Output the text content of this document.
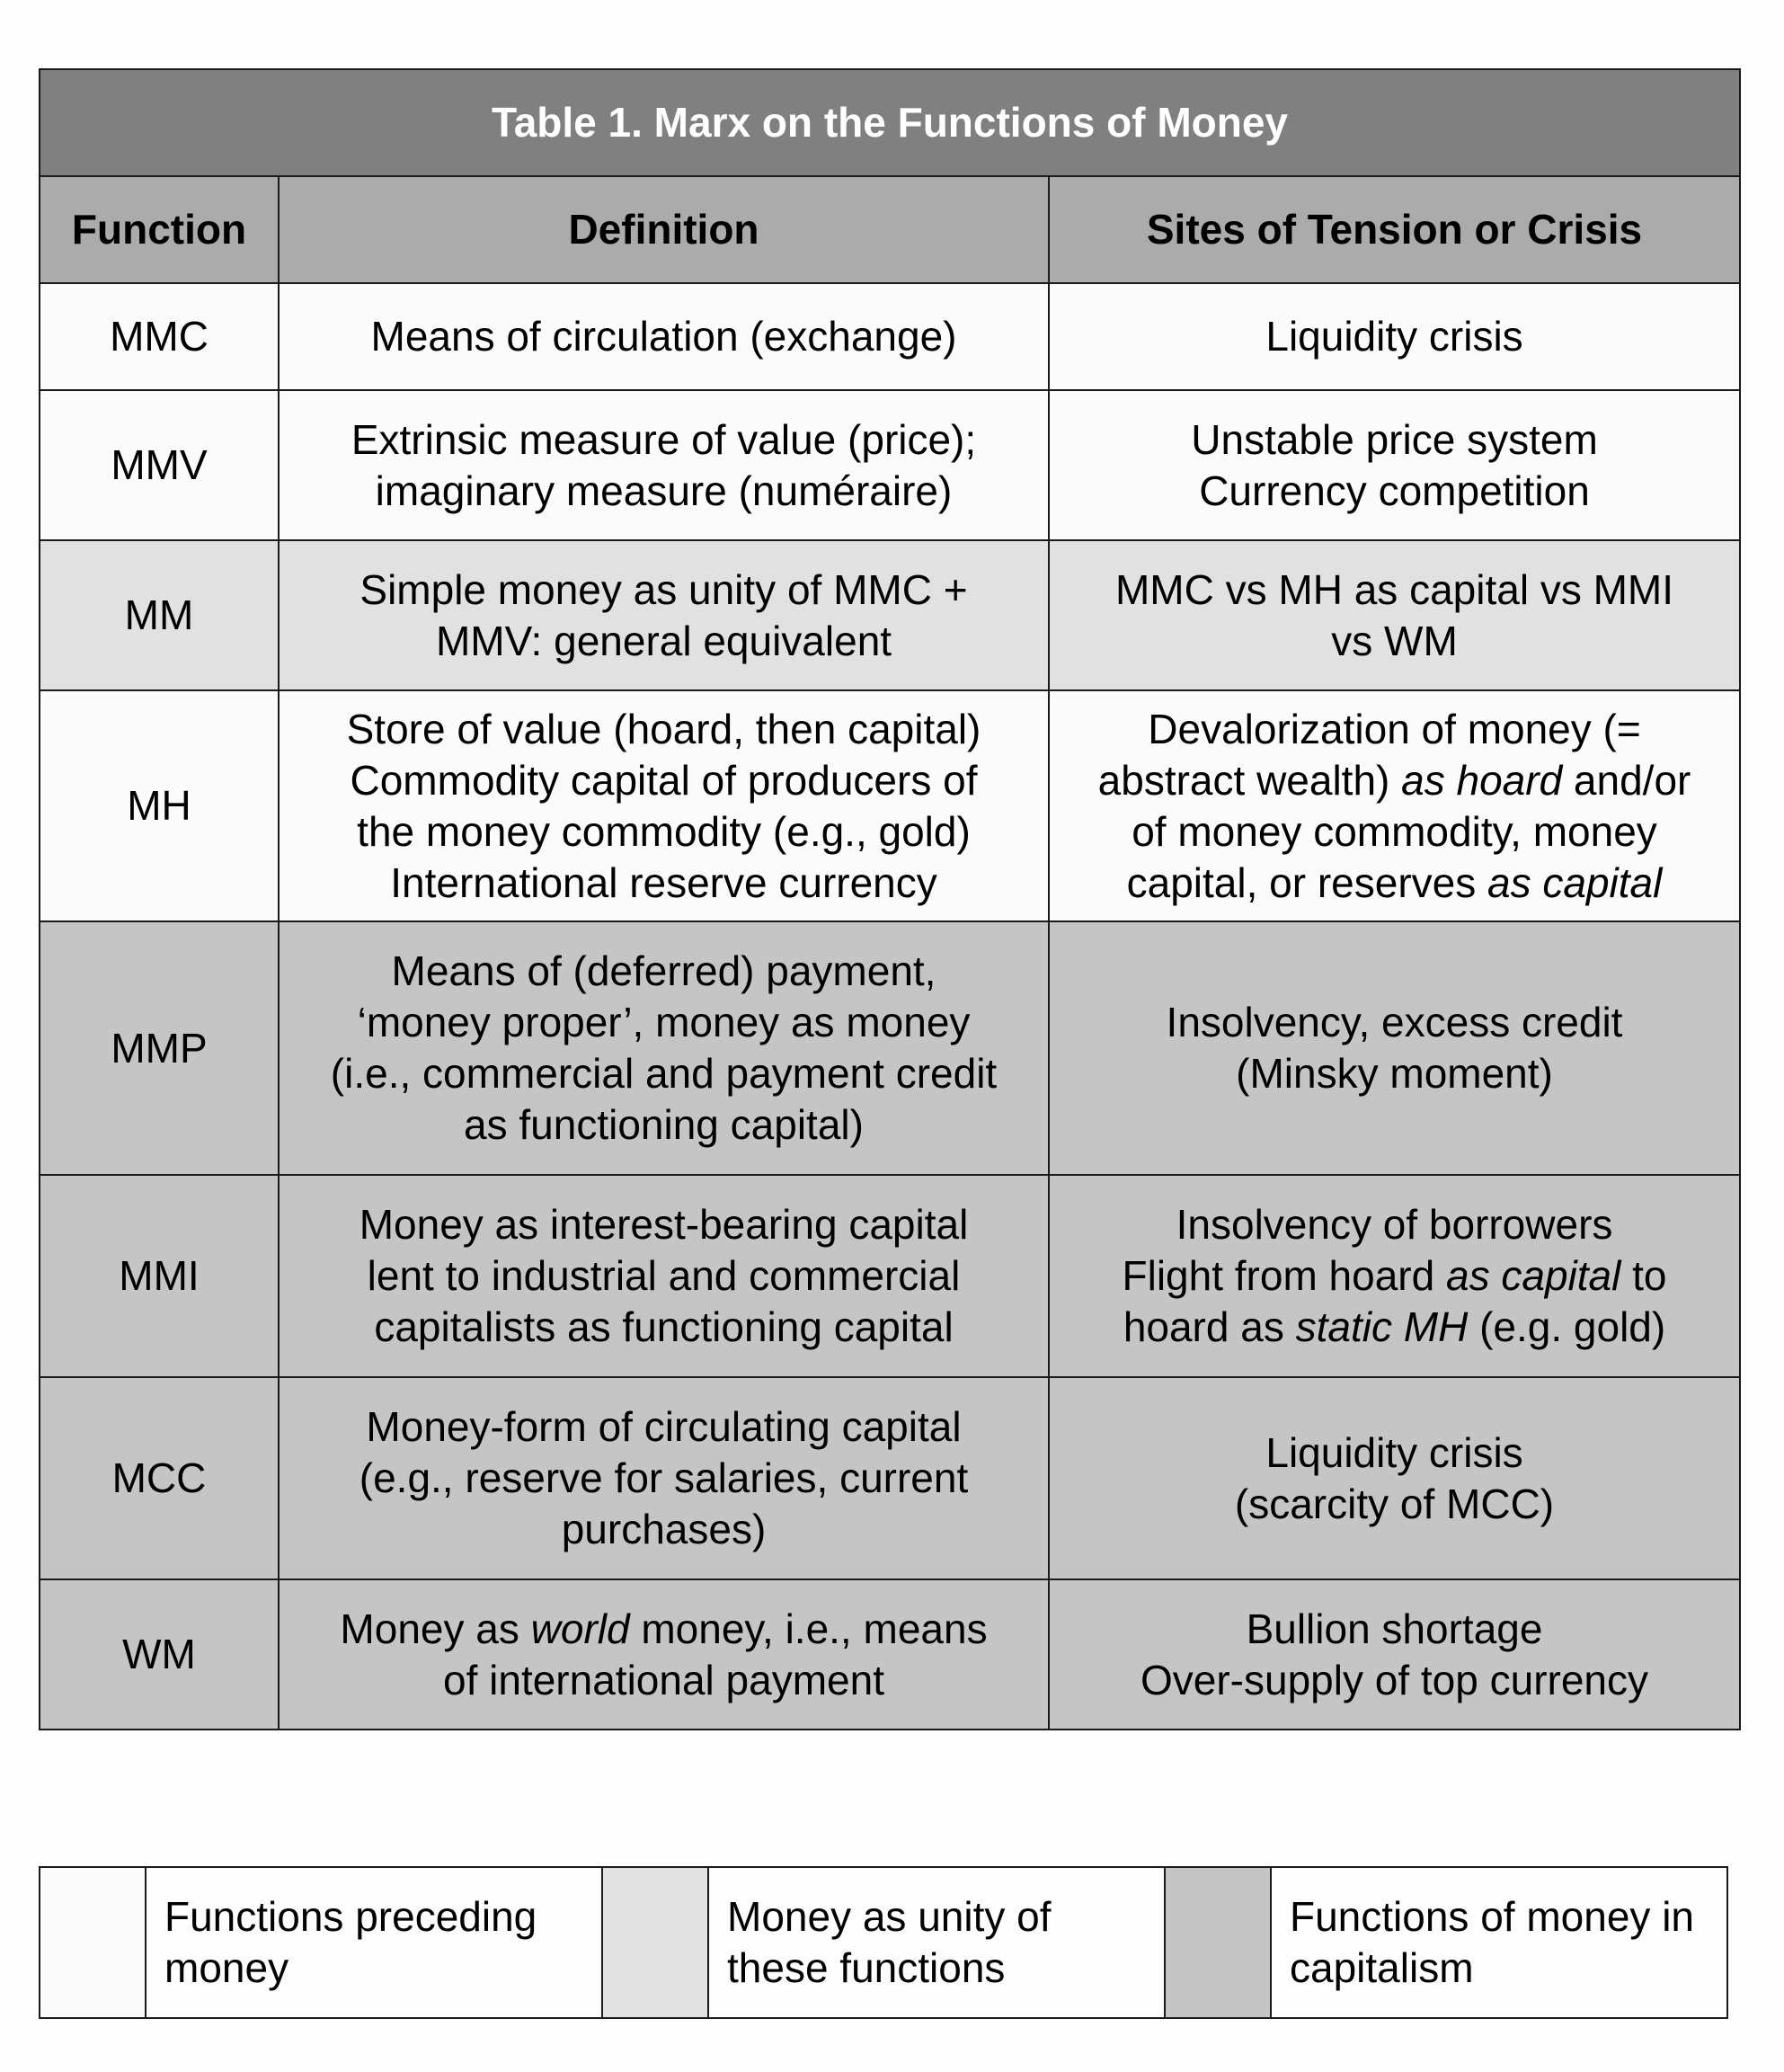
Table 1. Marx on the Functions of Money		
Function	Definition	Sites of Tension or Crisis
MMC	Means of circulation (exchange)	Liquidity crisis

MMV	Extrinsic measure of value (price);
imaginary measure (numéraire)	Unstable price system
Currency competition

MM	Simple money as unity of MMC +
MMV: general equivalent	MMC vs MH as capital vs MMI
vs WM

MH	Store of value (hoard, then capital)
Commodity capital of producers of
the money commodity (e.g., gold)
International reserve currency	Devalorization of money (=
abstract wealth) as hoard and/or
of money commodity, money
capital, or reserves as capital

MMP	Means of (deferred) payment,
‘money proper’, money as money
(i.e., commercial and payment credit
as functioning capital)	Insolvency, excess credit
(Minsky moment)

MMI	Money as interest-bearing capital
lent to industrial and commercial
capitalists as functioning capital	Insolvency of borrowers
Flight from hoard as capital to
hoard as static MH (e.g. gold)

MCC	Money-form of circulating capital
(e.g., reserve for salaries, current
purchases)	Liquidity crisis
(scarcity of MCC)

WM	Money as world money, i.e., means
of international payment	Bullion shortage
Over-supply of top currency
	Functions preceding money		Money as unity of these functions		Functions of money in capitalism
